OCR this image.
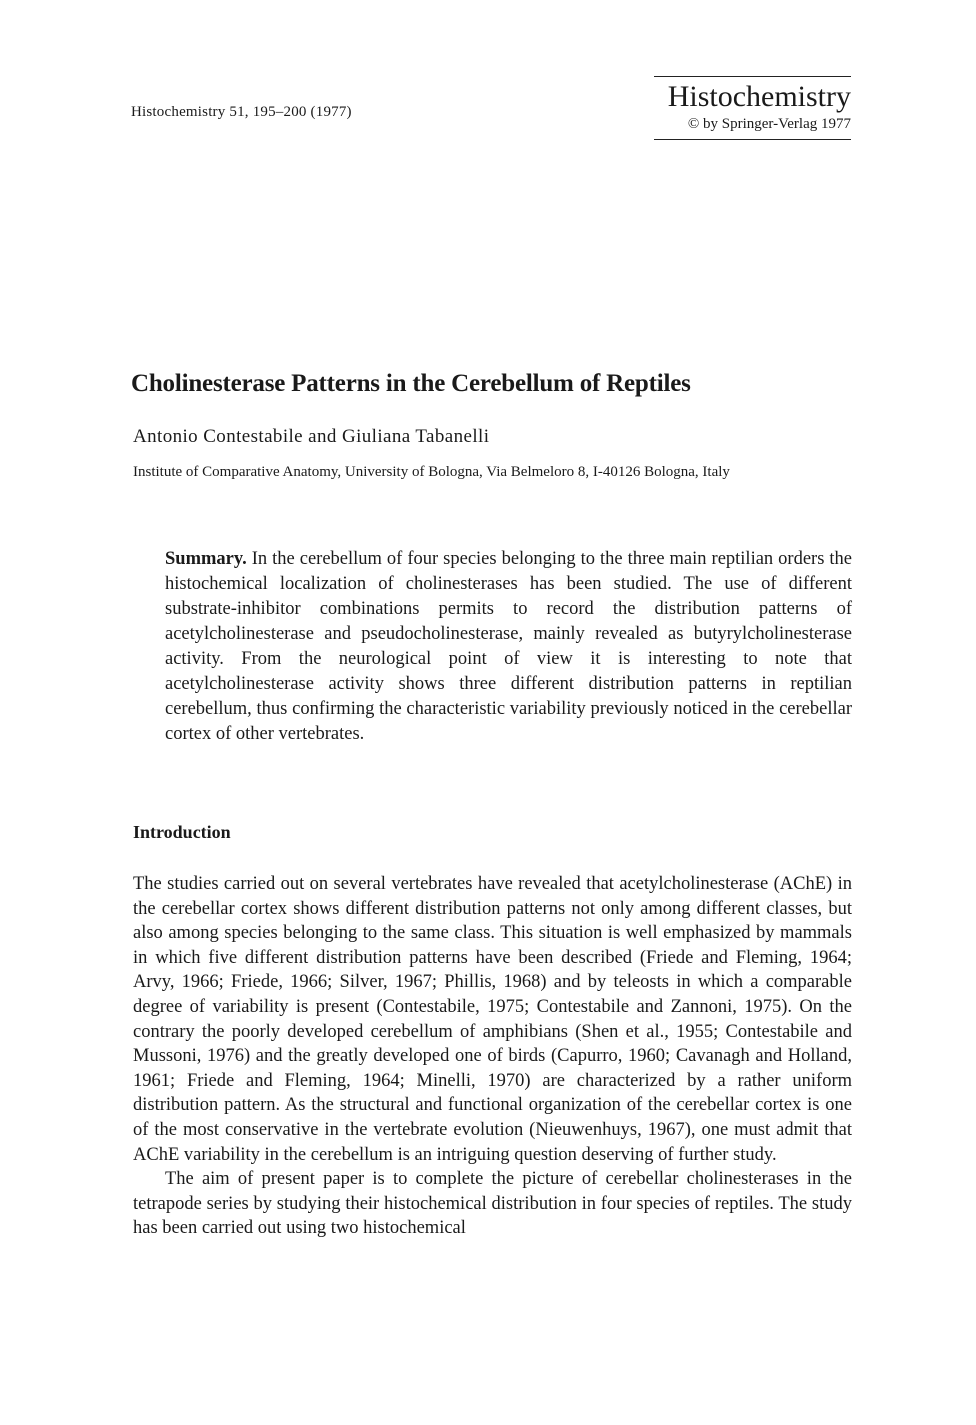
Histochemistry 51, 195–200 (1977)	Histochemistry
© by Springer-Verlag 1977
Cholinesterase Patterns in the Cerebellum of Reptiles
Antonio Contestabile and Giuliana Tabanelli
Institute of Comparative Anatomy, University of Bologna, Via Belmeloro 8, I-40126 Bologna, Italy
Summary. In the cerebellum of four species belonging to the three main reptilian orders the histochemical localization of cholinesterases has been studied. The use of different substrate-inhibitor combinations permits to record the distribution patterns of acetylcholinesterase and pseudocholinesterase, mainly revealed as butyrylcholinesterase activity. From the neurological point of view it is interesting to note that acetylcholinesterase activity shows three different distribution patterns in reptilian cerebellum, thus confirming the characteristic variability previously noticed in the cerebellar cortex of other vertebrates.
Introduction

The studies carried out on several vertebrates have revealed that acetylcholinesterase (AChE) in the cerebellar cortex shows different distribution patterns not only among different classes, but also among species belonging to the same class. This situation is well emphasized by mammals in which five different distribution patterns have been described (Friede and Fleming, 1964; Arvy, 1966; Friede, 1966; Silver, 1967; Phillis, 1968) and by teleosts in which a comparable degree of variability is present (Contestabile, 1975; Contestabile and Zannoni, 1975). On the contrary the poorly developed cerebellum of amphibians (Shen et al., 1955; Contestabile and Mussoni, 1976) and the greatly developed one of birds (Capurro, 1960; Cavanagh and Holland, 1961; Friede and Fleming, 1964; Minelli, 1970) are characterized by a rather uniform distribution pattern. As the structural and functional organization of the cerebellar cortex is one of the most conservative in the vertebrate evolution (Nieuwenhuys, 1967), one must admit that AChE variability in the cerebellum is an intriguing question deserving of further study.

The aim of present paper is to complete the picture of cerebellar cholinesterases in the tetrapode series by studying their histochemical distribution in four species of reptiles. The study has been carried out using two histochemical
